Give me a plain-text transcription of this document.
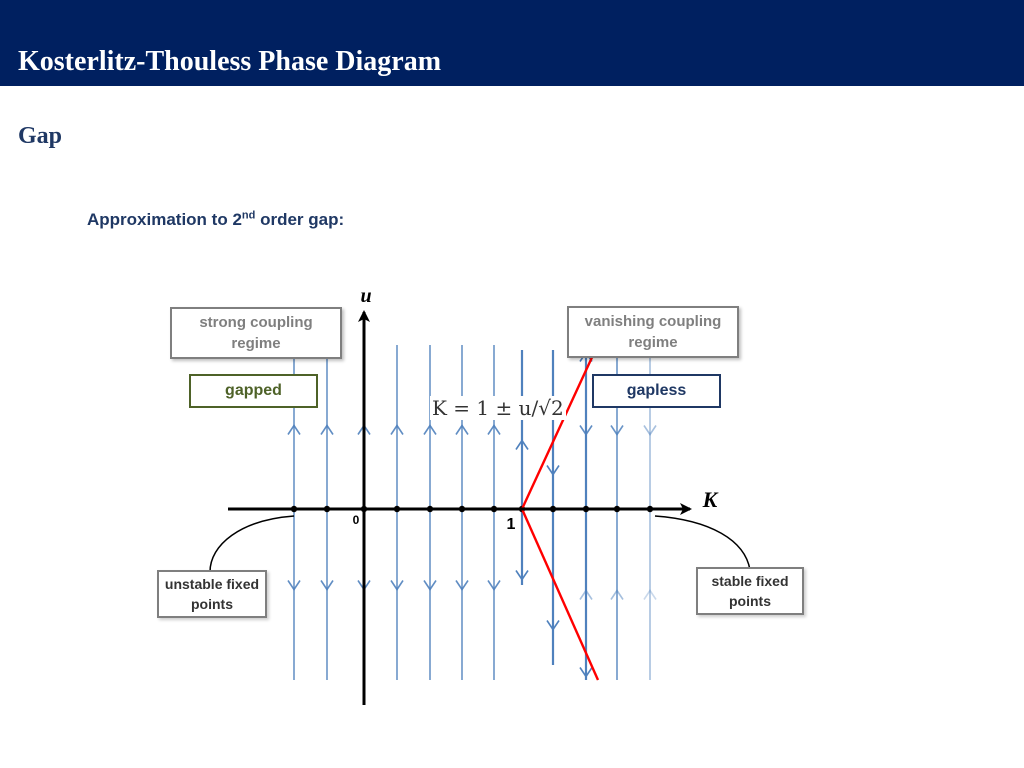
Kosterlitz-Thouless Phase Diagram
Gap
Approximation to 2nd order gap:
u
K
0	1
strong coupling
regime
vanishing coupling
regime
gapped	gapless
K = 1 ± u/√2
unstable fixed
points
stable fixed
points
